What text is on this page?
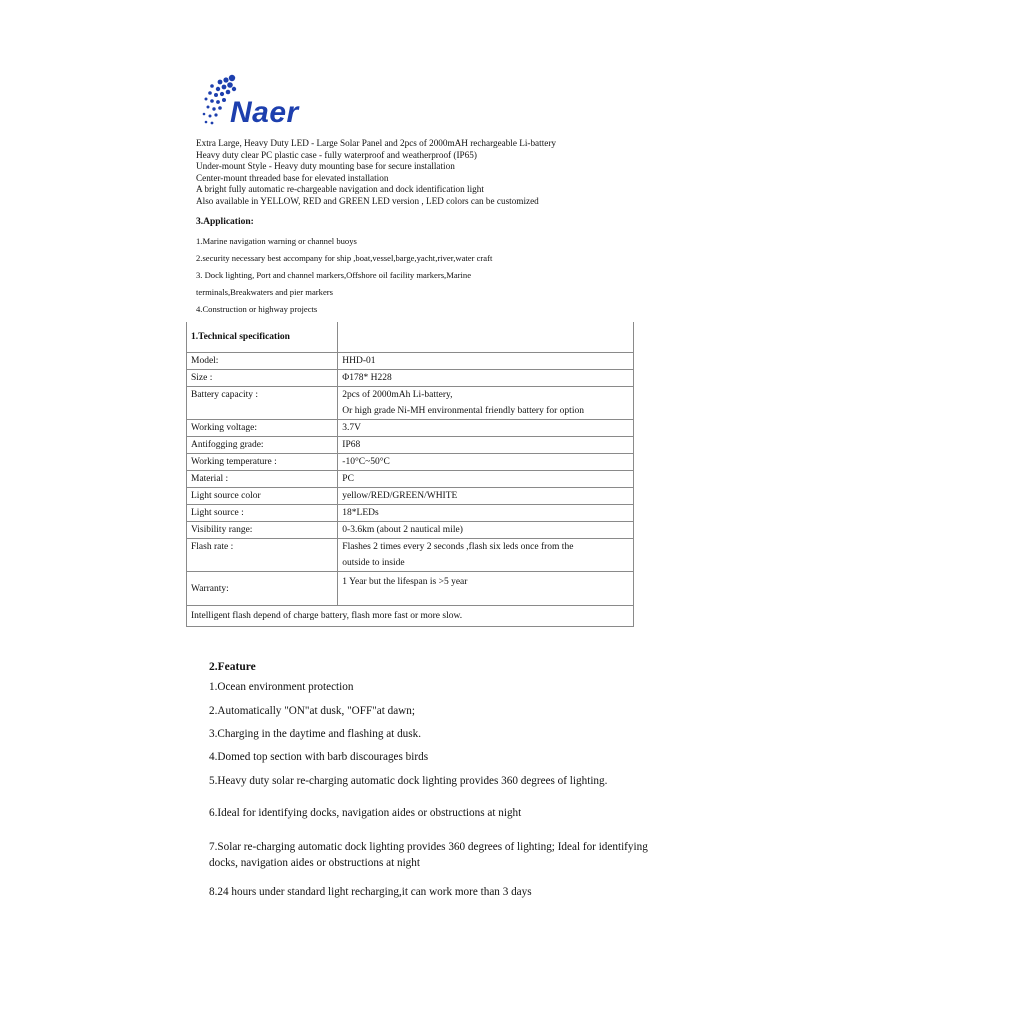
Naer
Extra Large, Heavy Duty LED - Large Solar Panel and 2pcs of 2000mAH rechargeable Li-battery
Heavy duty clear PC plastic case - fully waterproof and weatherproof (IP65)
Under-mount Style - Heavy duty mounting base for secure installation
Center-mount threaded base for elevated installation
A bright fully automatic re-chargeable navigation and dock identification light
Also available in YELLOW, RED and GREEN LED version , LED colors can be customized
3.Application:
1.Marine navigation warning or channel buoys
2.security necessary best accompany for ship ,boat,vessel,barge,yacht,river,water craft
3. Dock lighting, Port and channel markers,Offshore oil facility markers,Marine
terminals,Breakwaters and pier markers
4.Construction or highway projects
1.Technical specification	
Model:	HHD-01
Size :	Φ178* H228
Battery capacity :	2pcs of 2000mAh Li-battery,
Or high grade Ni-MH environmental friendly battery for option

Working voltage:	3.7V
Antifogging grade:	IP68
Working temperature :	-10°C~50°C
Material :	PC
Light source color	yellow/RED/GREEN/WHITE
Light source :	18*LEDs
Visibility range:	0-3.6km (about 2 nautical mile)
Flash rate :	Flashes 2 times every 2 seconds ,flash six leds once from the
outside to inside

Warranty:	1 Year but the lifespan is >5 year
Intelligent flash depend of charge battery, flash more fast or more slow.	
2.Feature
1.Ocean environment protection
2.Automatically "ON"at dusk, "OFF"at dawn;
3.Charging in the daytime and flashing at dusk.
4.Domed top section with barb discourages birds
5.Heavy duty solar re-charging automatic dock lighting provides 360 degrees of lighting.
6.Ideal for identifying docks, navigation aides or obstructions at night
7.Solar re-charging automatic dock lighting provides 360 degrees of lighting; Ideal for identifying
docks, navigation aides or obstructions at night
8.24 hours under standard light recharging,it can work more than 3 days
